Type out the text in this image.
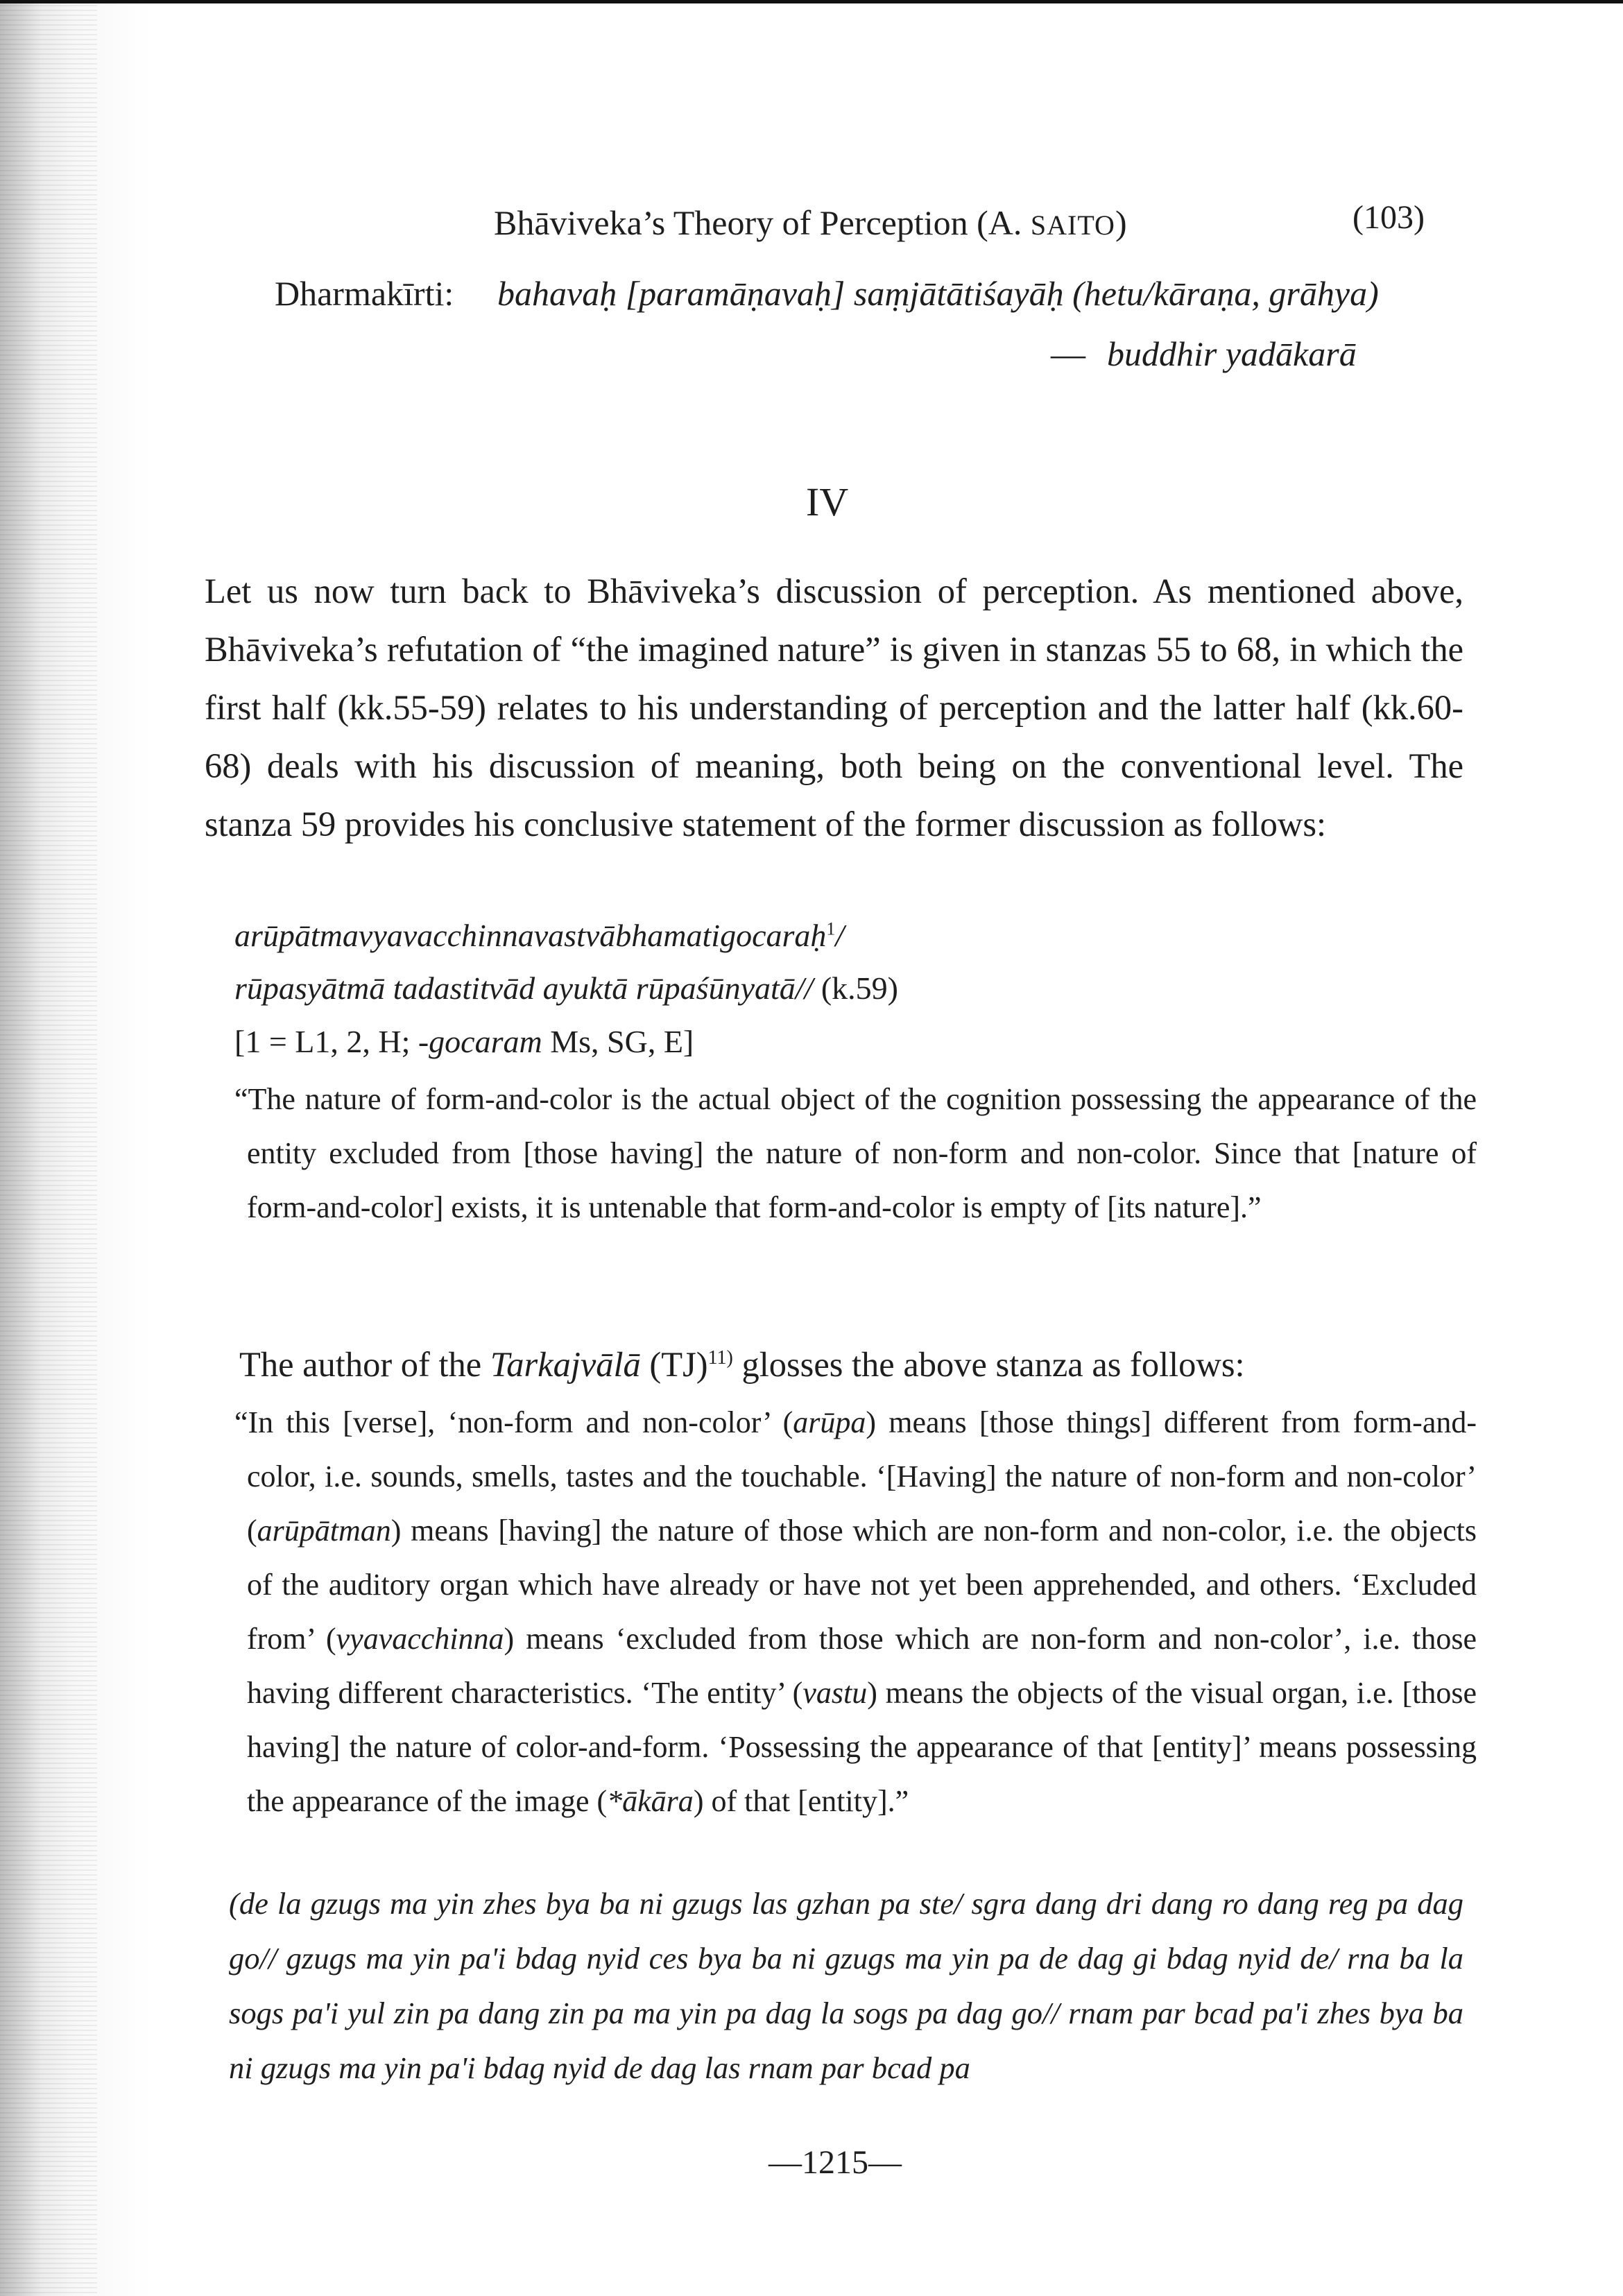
Bhāviveka’s Theory of Perception (A. SAITO)	(103)
Dharmakīrti: bahavaḥ [paramāṇavaḥ] saṃjātātiśayāḥ (hetu/kāraṇa, grāhya)
— buddhir yadākarā
IV
Let us now turn back to Bhāviveka’s discussion of perception. As mentioned above, Bhāviveka’s refutation of “the imagined nature” is given in stanzas 55 to 68, in which the first half (kk.55-59) relates to his understanding of perception and the latter half (kk.60-68) deals with his discussion of meaning, both being on the conventional level. The stanza 59 provides his conclusive statement of the former discussion as follows:
arūpātmavyavacchinnavastvābhamatigocaraḥ$^1$/
rūpasyātmā tadastitvād ayuktā rūpaśūnyatā// (k.59)
[1 = L1, 2, H; -gocaram Ms, SG, E]
“The nature of form-and-color is the actual object of the cognition possessing the appearance of the entity excluded from [those having] the nature of non-form and non-color. Since that [nature of form-and-color] exists, it is untenable that form-and-color is empty of [its nature].”
The author of the Tarkajvālā (TJ)$^{11)}$ glosses the above stanza as follows:
“In this [verse], ‘non-form and non-color’ (arūpa) means [those things] different from form-and-color, i.e. sounds, smells, tastes and the touchable. ‘[Having] the nature of non-form and non-color’ (arūpātman) means [having] the nature of those which are non-form and non-color, i.e. the objects of the auditory organ which have already or have not yet been apprehended, and others. ‘Excluded from’ (vyavacchinna) means ‘excluded from those which are non-form and non-color’, i.e. those having different characteristics. ‘The entity’ (vastu) means the objects of the visual organ, i.e. [those having] the nature of color-and-form. ‘Possessing the appearance of that [entity]’ means possessing the appearance of the image (*ākāra) of that [entity].”
(de la gzugs ma yin zhes bya ba ni gzugs las gzhan pa ste/ sgra dang dri dang ro dang reg pa dag go// gzugs ma yin pa'i bdag nyid ces bya ba ni gzugs ma yin pa de dag gi bdag nyid de/ rna ba la sogs pa'i yul zin pa dang zin pa ma yin pa dag la sogs pa dag go// rnam par bcad pa'i zhes bya ba ni gzugs ma yin pa'i bdag nyid de dag las rnam par bcad pa
—1215—
